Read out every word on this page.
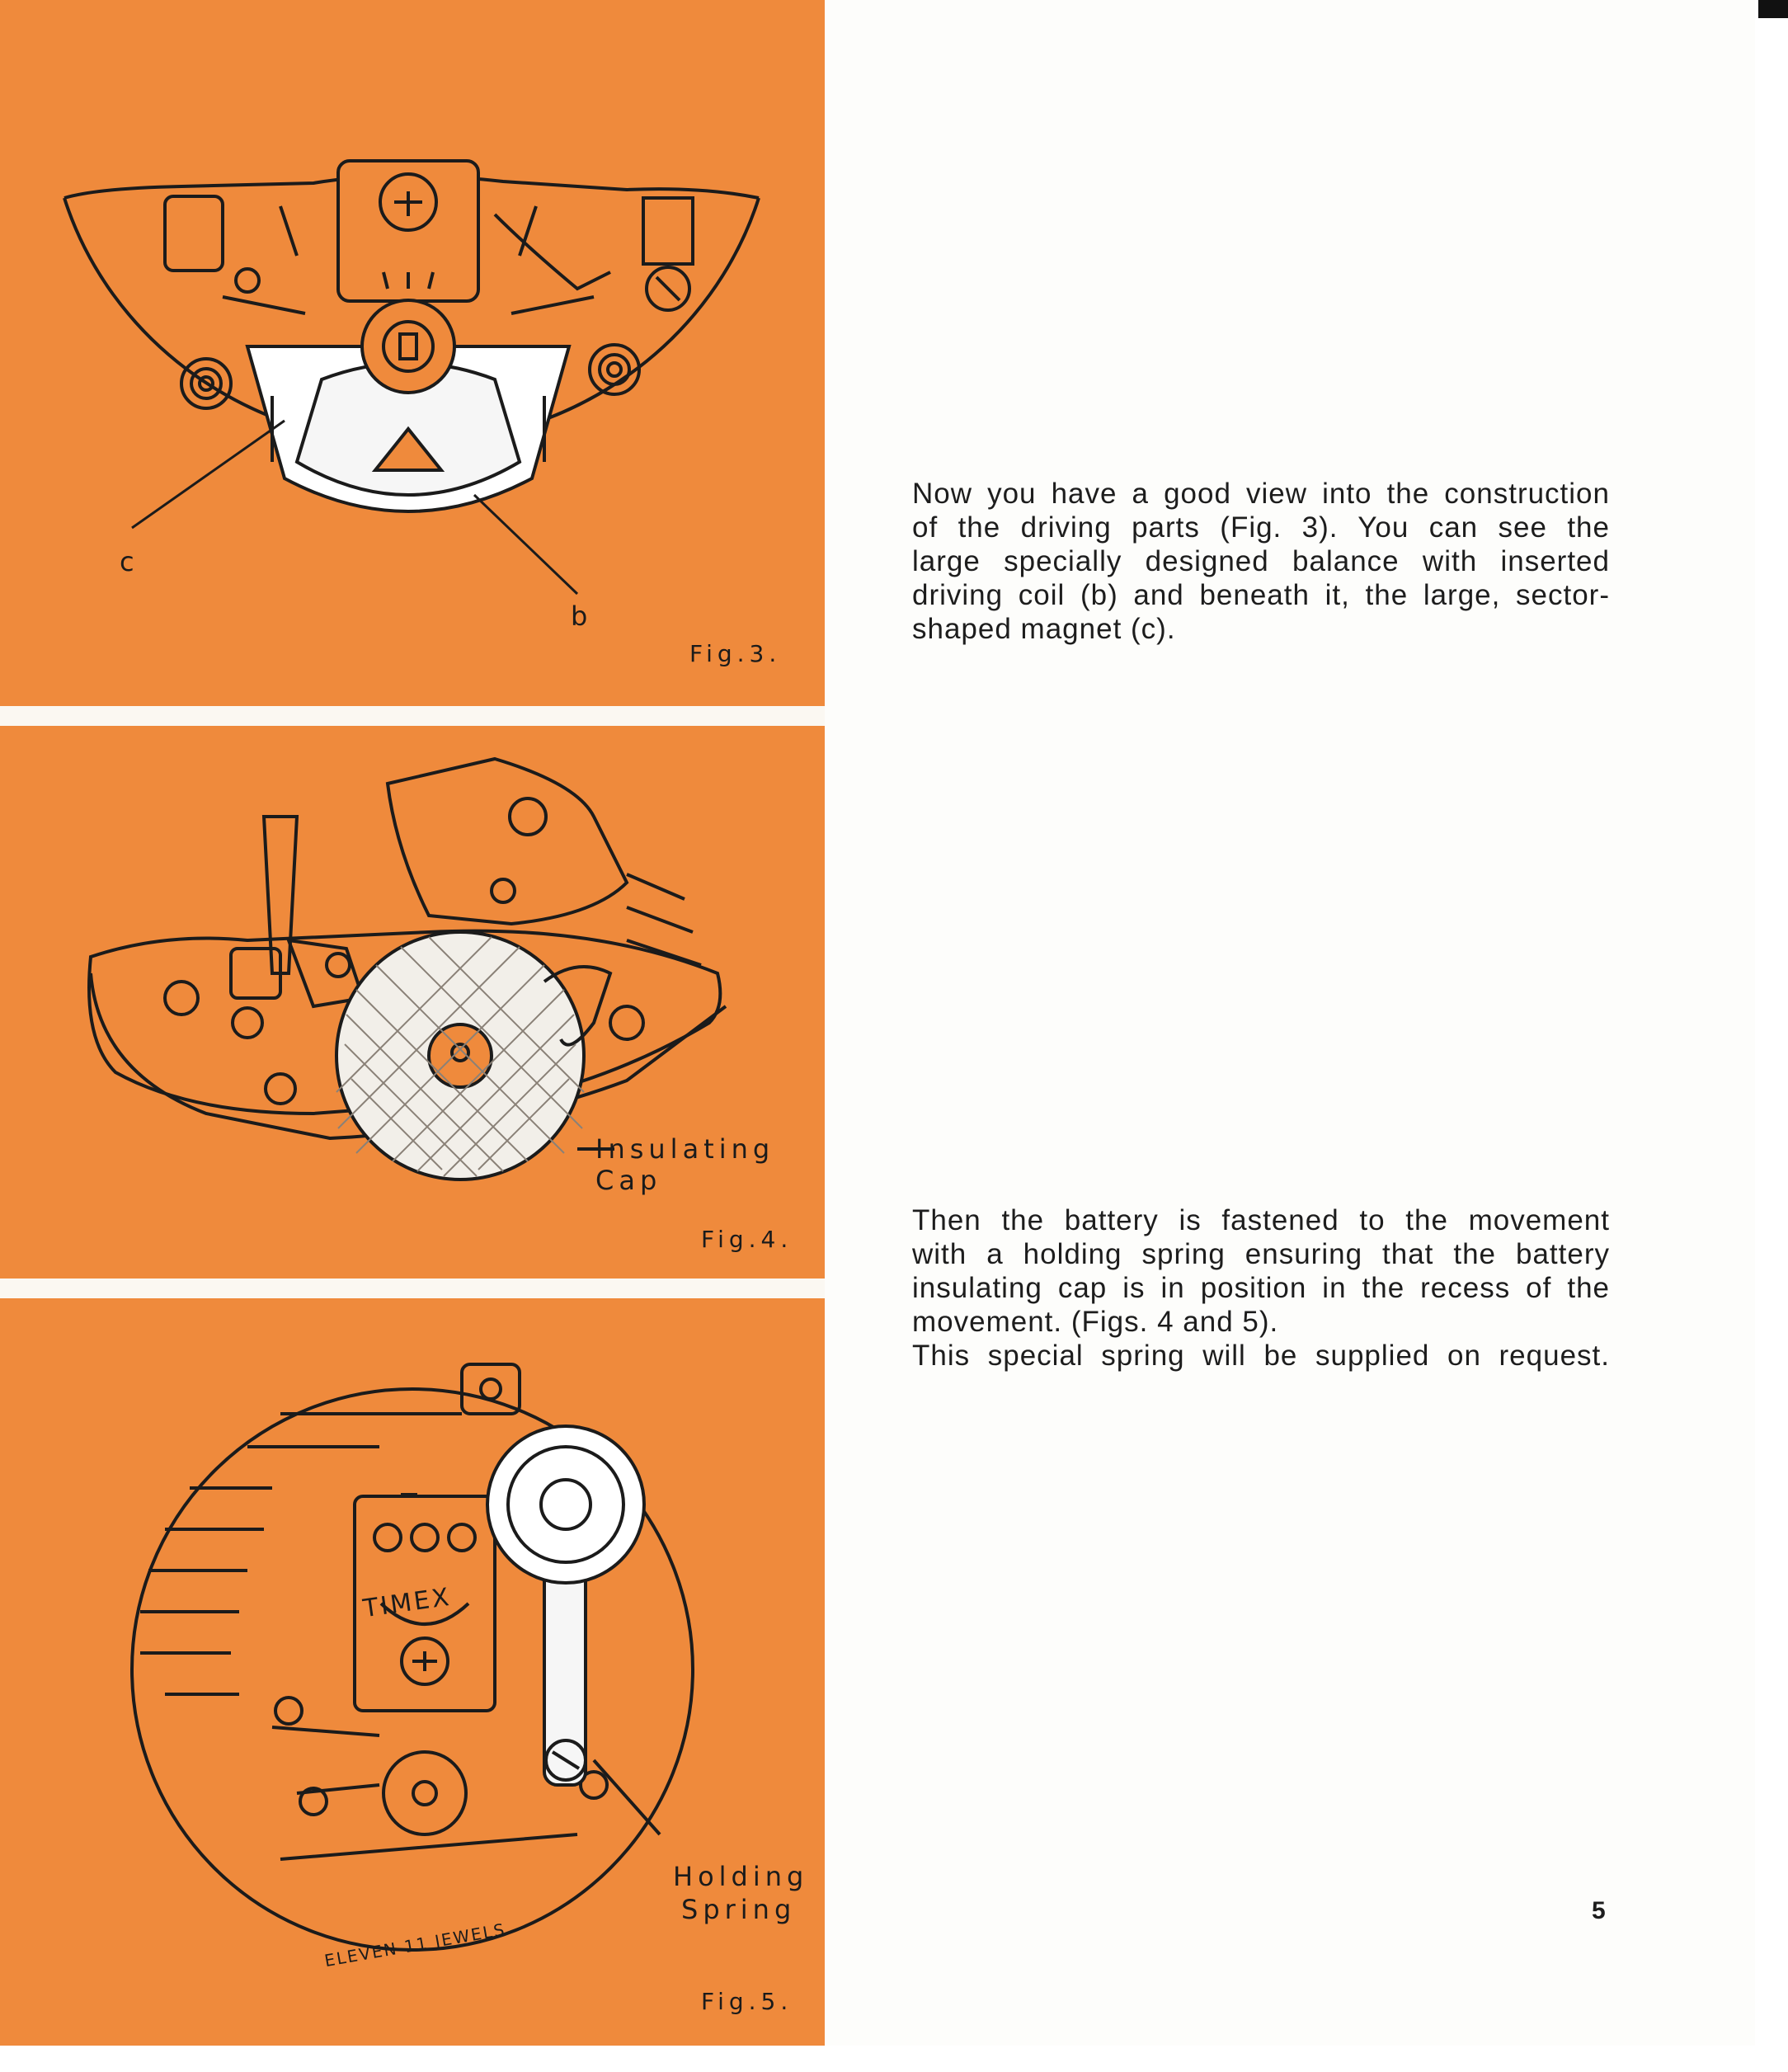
c
b
Fig.3.
Insulating Cap
Fig.4.
TIMEX
ELEVEN 11 JEWELS
Holding
Spring
Fig.5.
Now you have a good view into the construction
of the driving parts (Fig. 3). You can see the
large specially designed balance with inserted
driving coil (b) and beneath it, the large, sector-
shaped magnet (c).
Then the battery is fastened to the movement
with a holding spring ensuring that the battery
insulating cap is in position in the recess of the
movement. (Figs. 4 and 5).
This special spring will be supplied on request.
5
